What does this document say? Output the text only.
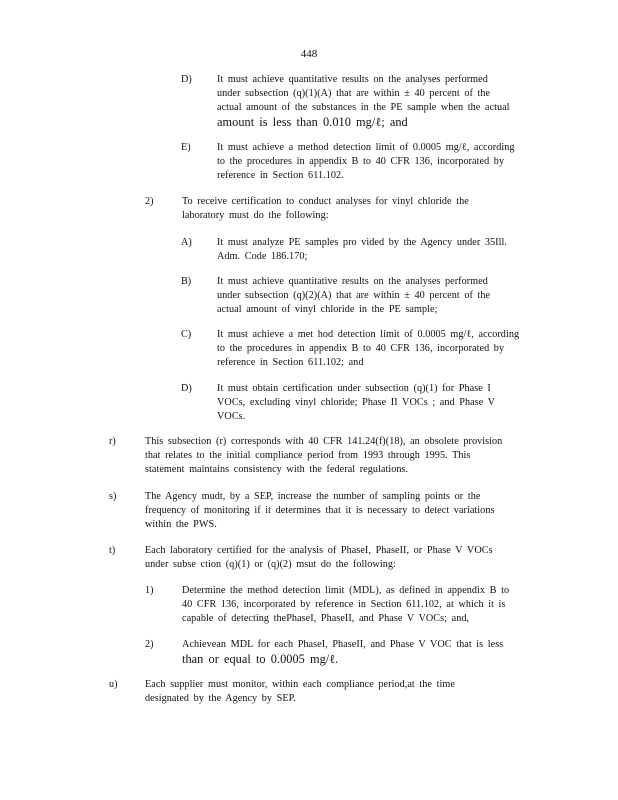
448
D) It must achieve quantitative results on the analyses performed
under subsection (q)(1)(A) that are within ± 40 percent of the
actual amount of the substances in the PE sample when the actual
amount is less than 0.010 mg/ℓ; and
E)	It must achieve a method detection limit of 0.0005 mg/ℓ, according
to the procedures in appendix B to 40 CFR 136, incorporated by
reference in Section 611.102.
2)	To receive certification to conduct analyses for vinyl chloride the
laboratory must do the following:
A) It must analyze PE samples pro vided by the Agency under 35Ill.
Adm. Code 186.170;
B)	It must achieve quantitative results on the analyses performed
under subsection (q)(2)(A) that are within ± 40 percent of the
actual amount of vinyl chloride in the PE sample;
C)	It must achieve a met hod detection limit of 0.0005 mg/ℓ, according
to the procedures in appendix B to 40 CFR 136, incorporated by
reference in Section 611.102; and
D) It must obtain certification under subsection (q)(1) for Phase I
VOCs, excluding vinyl chloride; Phase II VOCs ; and Phase V
VOCs.
r)	This subsection (r) corresponds with 40 CFR 141.24(f)(18), an obsolete provision
that relates to the initial compliance period from 1993 through 1995. This
statement maintains consistency with the federal regulations.
s)	The Agency mudt, by a SEP, increase the number of sampling points or the
frequency of monitoring if it determines that it is necessary to detect variations
within the PWS.
t)	Each laboratory certified for the analysis of PhaseI, PhaseII, or Phase V VOCs
under subse ction (q)(1) or (q)(2) msut do the following:
1)	Determine the method detection limit (MDL), as defined in appendix B to
40 CFR 136, incorporated by reference in Section 611.102, at which it is
capable of detecting thePhaseI, PhaseII, and Phase V VOCs; and,
2)	Achievean MDL for each PhaseI, PhaseII, and Phase V VOC that is less
than or equal to 0.0005 mg/ℓ.
u)	Each supplier must monitor, within each compliance period,at the time
designated by the Agency by SEP.
